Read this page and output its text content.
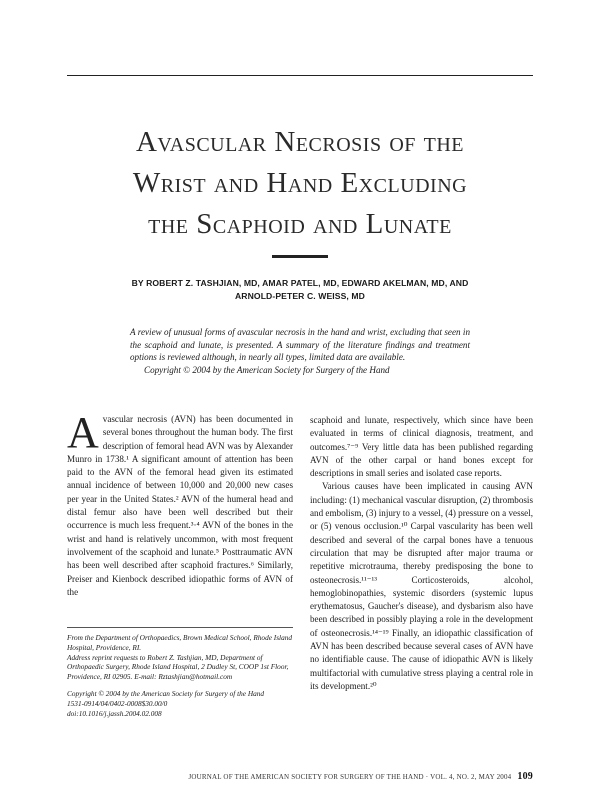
Avascular Necrosis of the
Wrist and Hand Excluding
the Scaphoid and Lunate
BY ROBERT Z. TASHJIAN, MD, AMAR PATEL, MD, EDWARD AKELMAN, MD, AND
ARNOLD-PETER C. WEISS, MD

A review of unusual forms of avascular necrosis in the hand and wrist, excluding that seen in the scaphoid and lunate, is presented. A summary of the literature findings and treatment options is reviewed although, in nearly all types, limited data are available.

Copyright © 2004 by the American Society for Surgery of the Hand

Avascular necrosis (AVN) has been documented in several bones throughout the human body. The first description of femoral head AVN was by Alexander Munro in 1738.¹ A significant amount of attention has been paid to the AVN of the femoral head given its estimated annual incidence of between 10,000 and 20,000 new cases per year in the United States.² AVN of the humeral head and distal femur also have been well described but their occurrence is much less frequent.³·⁴ AVN of the bones in the wrist and hand is relatively uncommon, with most frequent involvement of the scaphoid and lunate.⁵ Posttraumatic AVN has been well described after scaphoid fractures.⁶ Similarly, Preiser and Kienbock described idiopathic forms of AVN of the

scaphoid and lunate, respectively, which since have been evaluated in terms of clinical diagnosis, treatment, and outcomes.⁷⁻⁹ Very little data has been published regarding AVN of the other carpal or hand bones except for descriptions in small series and isolated case reports.

Various causes have been implicated in causing AVN including: (1) mechanical vascular disruption, (2) thrombosis and embolism, (3) injury to a vessel, (4) pressure on a vessel, or (5) venous occlusion.¹⁰ Carpal vascularity has been well described and several of the carpal bones have a tenuous circulation that may be disrupted after major trauma or repetitive microtrauma, thereby predisposing the bone to osteonecrosis.¹¹⁻¹³ Corticosteroids, alcohol, hemoglobinopathies, systemic disorders (systemic lupus erythematosus, Gaucher's disease), and dysbarism also have been described in possibly playing a role in the development of osteonecrosis.¹⁴⁻¹⁹ Finally, an idiopathic classification of AVN has been described because several cases of AVN have no identifiable cause. The cause of idiopathic AVN is likely multifactorial with cumulative stress playing a central role in its development.²⁰

From the Department of Orthopaedics, Brown Medical School, Rhode Island Hospital, Providence, RI.

Address reprint requests to Robert Z. Tashjian, MD, Department of Orthopaedic Surgery, Rhode Island Hospital, 2 Dudley St, COOP 1st Floor, Providence, RI 02905. E-mail: Rztashjian@hotmail.com

Copyright © 2004 by the American Society for Surgery of the Hand

1531-0914/04/0402-0008$30.00/0

doi:10.1016/j.jassh.2004.02.008

JOURNAL OF THE AMERICAN SOCIETY FOR SURGERY OF THE HAND · VOL. 4, NO. 2, MAY 2004 109
